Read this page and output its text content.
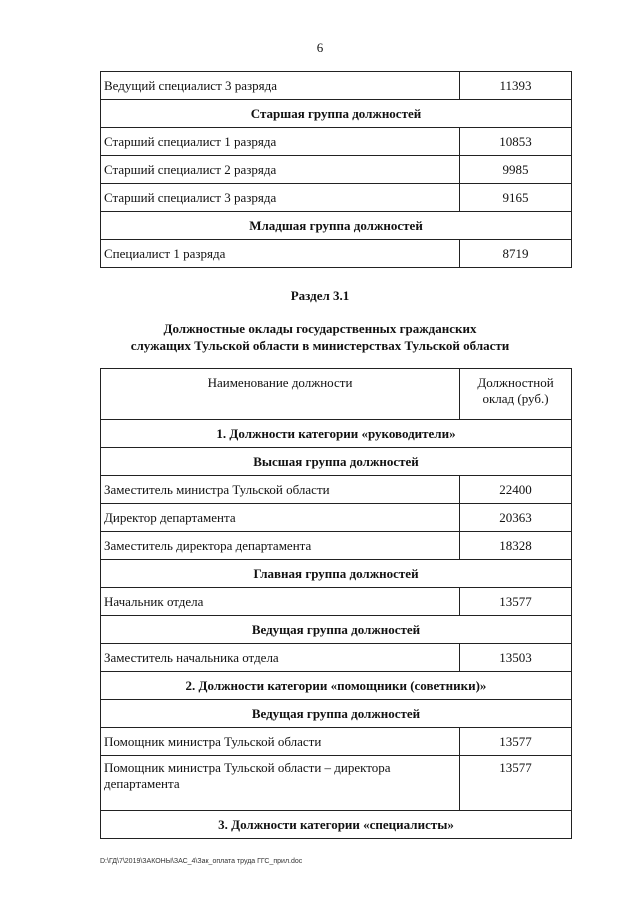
6
Ведущий специалист 3 разряда	11393
Старшая группа должностей	
Старший специалист 1 разряда	10853
Старший специалист 2 разряда	9985
Старший специалист 3 разряда	9165
Младшая группа должностей	
Специалист 1 разряда	8719
Раздел 3.1
Должностные оклады государственных гражданских
служащих Тульской области в министерствах Тульской области
Наименование должности	Должностной
оклад (руб.)

1. Должности категории «руководители»	
Высшая группа должностей	
Заместитель министра Тульской области	22400
Директор департамента	20363
Заместитель директора департамента	18328
Главная группа должностей	
Начальник отдела	13577
Ведущая группа должностей	
Заместитель начальника отдела	13503
2. Должности категории «помощники (советники)»	
Ведущая группа должностей	
Помощник министра Тульской области	13577
Помощник министра Тульской области – директора департамента	13577
3. Должности категории «специалисты»	
D:\ГД\7\2019\ЗАКОНЫ\ЗАС_4\Зак_оплата труда ГГС_прил.doc
